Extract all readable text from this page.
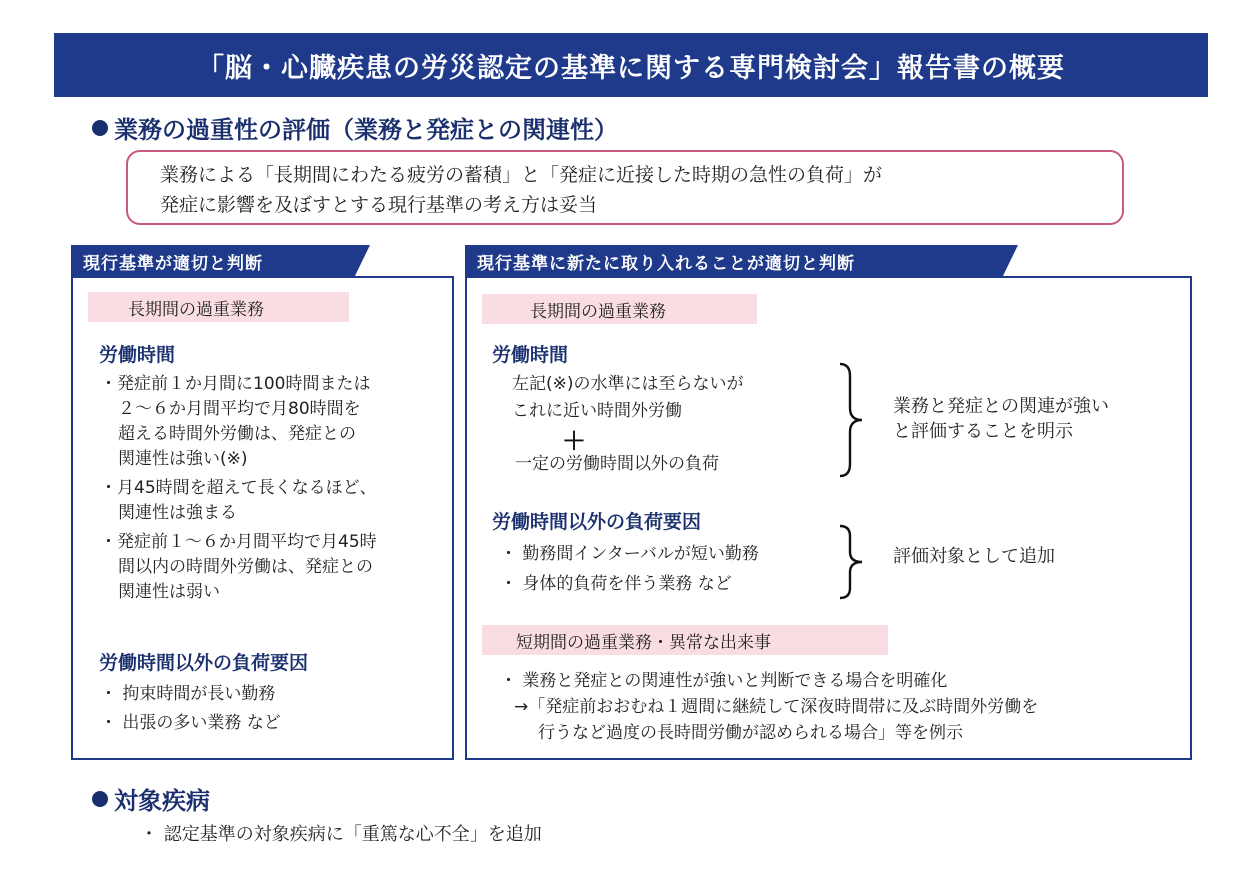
「脳・心臓疾患の労災認定の基準に関する専門検討会」報告書の概要
業務の過重性の評価（業務と発症との関連性）
業務による「長期間にわたる疲労の蓄積」と「発症に近接した時期の急性の負荷」が
発症に影響を及ぼすとする現行基準の考え方は妥当
現行基準が適切と判断
長期間の過重業務
労働時間
・発症前１か月間に100時間または
２～６か月間平均で月80時間を
超える時間外労働は、発症との
関連性は強い(※)
・月45時間を超えて長くなるほど、
関連性は強まる
・発症前１～６か月間平均で月45時
間以内の時間外労働は、発症との
関連性は弱い
労働時間以外の負荷要因
・ 拘束時間が長い勤務
・ 出張の多い業務 など
現行基準に新たに取り入れることが適切と判断
長期間の過重業務
労働時間
左記(※)の水準には至らないが
これに近い時間外労働
＋
一定の労働時間以外の負荷
業務と発症との関連が強い
と評価することを明示
労働時間以外の負荷要因
・ 勤務間インターバルが短い勤務
・ 身体的負荷を伴う業務 など
評価対象として追加
短期間の過重業務・異常な出来事
・ 業務と発症との関連性が強いと判断できる場合を明確化
→「発症前おおむね１週間に継続して深夜時間帯に及ぶ時間外労働を
行うなど過度の長時間労働が認められる場合」等を例示
対象疾病
・ 認定基準の対象疾病に「重篤な心不全」を追加
